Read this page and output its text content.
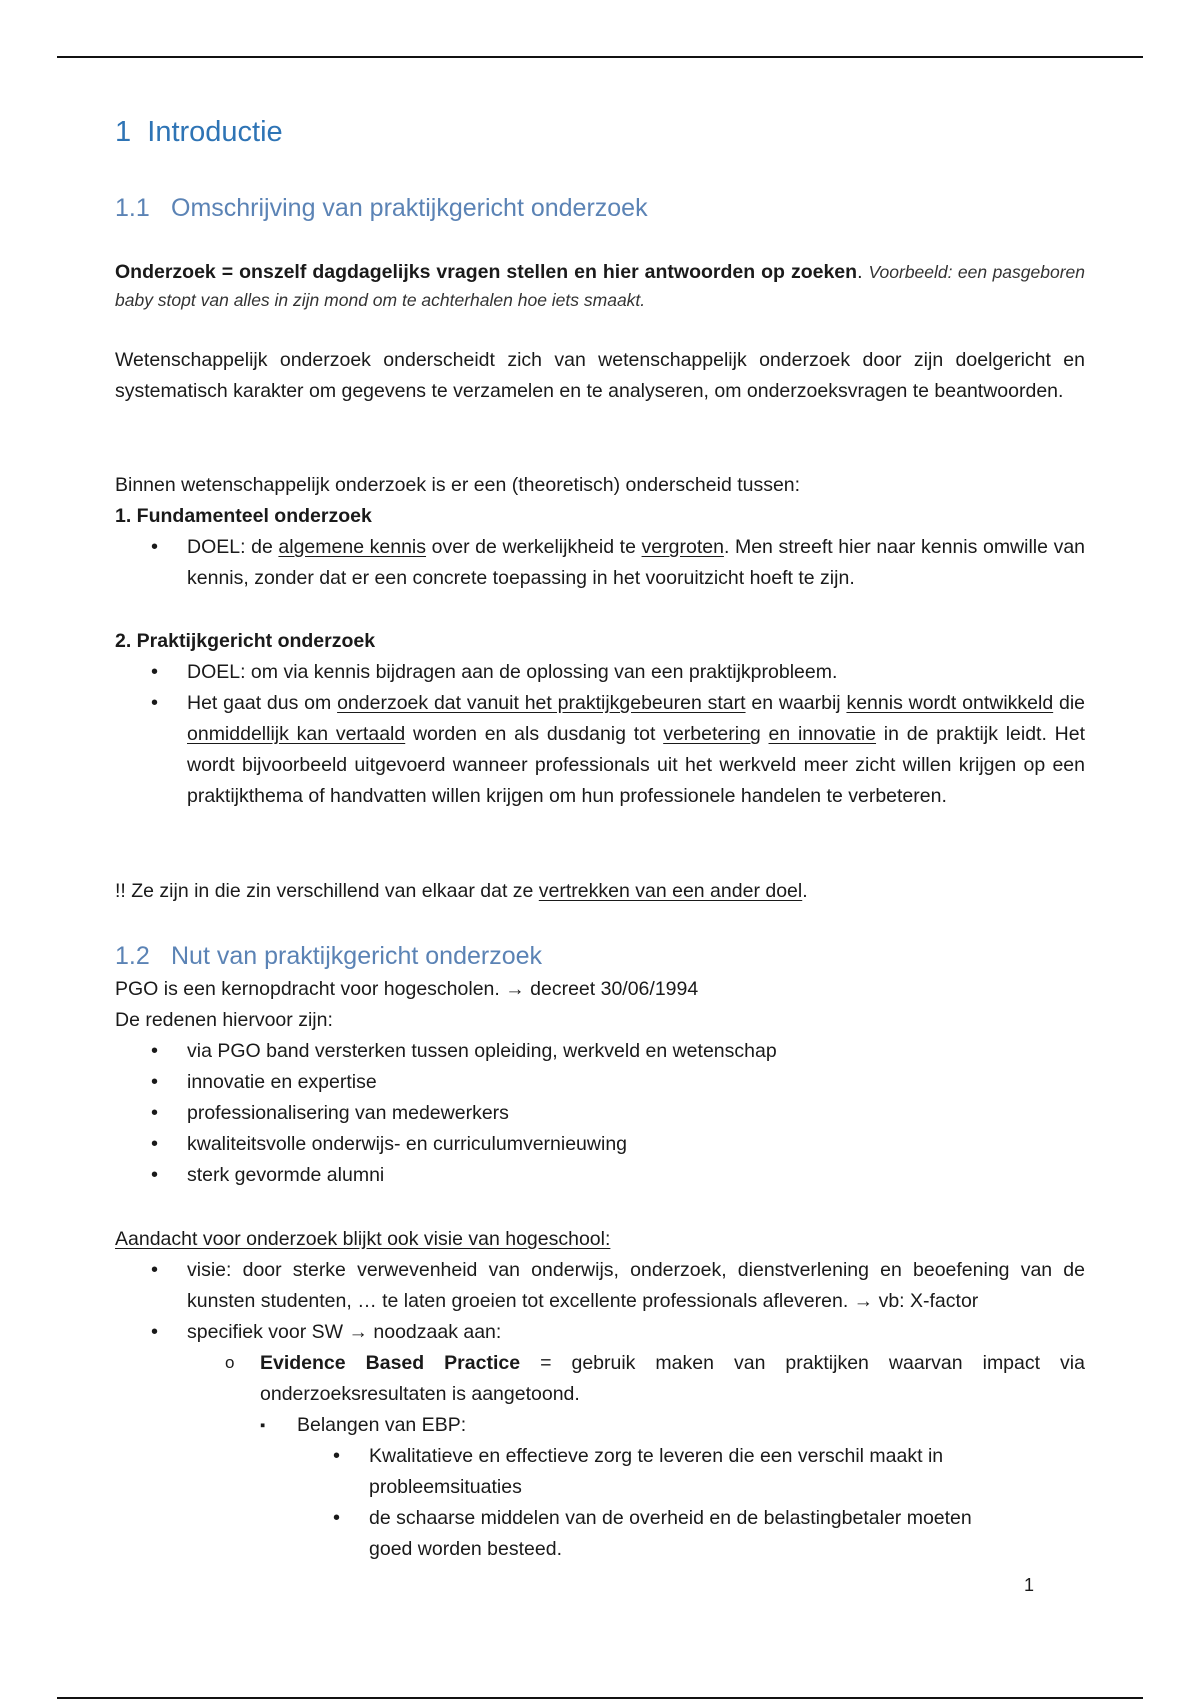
1 Introductie
1.1 Omschrijving van praktijkgericht onderzoek

Onderzoek = onszelf dagdagelijks vragen stellen en hier antwoorden op zoeken. Voorbeeld: een pasgeboren baby stopt van alles in zijn mond om te achterhalen hoe iets smaakt.

Wetenschappelijk onderzoek onderscheidt zich van wetenschappelijk onderzoek door zijn doelgericht en systematisch karakter om gegevens te verzamelen en te analyseren, om onderzoeksvragen te beantwoorden.

Binnen wetenschappelijk onderzoek is er een (theoretisch) onderscheid tussen:

1. Fundamenteel onderzoek

• DOEL: de algemene kennis over de werkelijkheid te vergroten. Men streeft hier naar kennis omwille van kennis, zonder dat er een concrete toepassing in het vooruitzicht hoeft te zijn.

2. Praktijkgericht onderzoek

• DOEL: om via kennis bijdragen aan de oplossing van een praktijkprobleem.
• Het gaat dus om onderzoek dat vanuit het praktijkgebeuren start en waarbij kennis wordt ontwikkeld die onmiddellijk kan vertaald worden en als dusdanig tot verbetering en innovatie in de praktijk leidt. Het wordt bijvoorbeeld uitgevoerd wanneer professionals uit het werkveld meer zicht willen krijgen op een praktijkthema of handvatten willen krijgen om hun professionele handelen te verbeteren.

!! Ze zijn in die zin verschillend van elkaar dat ze vertrekken van een ander doel.

1.2 Nut van praktijkgericht onderzoek

PGO is een kernopdracht voor hogescholen. → decreet 30/06/1994

De redenen hiervoor zijn:

• via PGO band versterken tussen opleiding, werkveld en wetenschap
• innovatie en expertise
• professionalisering van medewerkers
• kwaliteitsvolle onderwijs- en curriculumvernieuwing
• sterk gevormde alumni

Aandacht voor onderzoek blijkt ook visie van hogeschool:

• visie: door sterke verwevenheid van onderwijs, onderzoek, dienstverlening en beoefening van de kunsten studenten, … te laten groeien tot excellente professionals afleveren. → vb: X-factor
• specifiek voor SW → noodzaak aan:
o Evidence Based Practice = gebruik maken van praktijken waarvan impact via onderzoeksresultaten is aangetoond.
▪ Belangen van EBP:
• Kwalitatieve en effectieve zorg te leveren die een verschil maakt in probleemsituaties
• de schaarse middelen van de overheid en de belastingbetaler moeten goed worden besteed.
1
